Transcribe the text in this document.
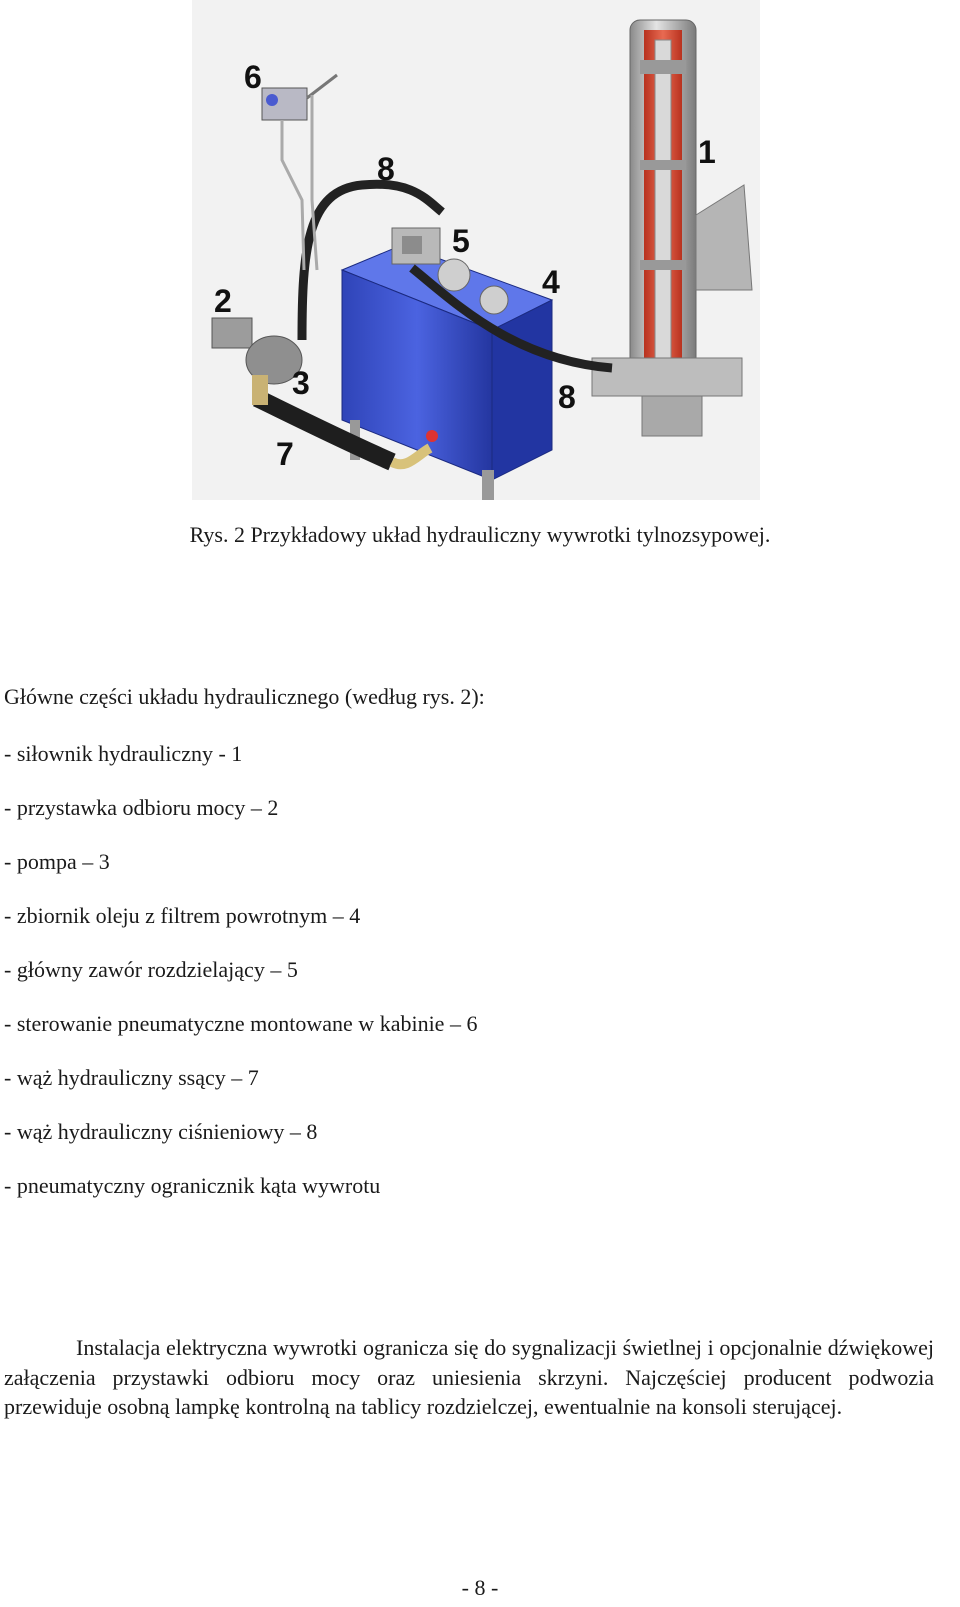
1
2
3
4
5
6
7
8
8
Rys. 2 Przykładowy układ hydrauliczny wywrotki tylnozsypowej.
Główne części układu hydraulicznego (według rys. 2):
- siłownik hydrauliczny - 1
- przystawka odbioru mocy – 2
- pompa – 3
- zbiornik oleju z filtrem powrotnym – 4
- główny zawór rozdzielający – 5
- sterowanie pneumatyczne montowane w kabinie – 6
- wąż hydrauliczny ssący – 7
- wąż hydrauliczny ciśnieniowy – 8
- pneumatyczny ogranicznik kąta wywrotu

Instalacja elektryczna wywrotki ogranicza się do sygnalizacji świetlnej i opcjonalnie dźwiękowej załączenia przystawki odbioru mocy oraz uniesienia skrzyni. Najczęściej producent podwozia przewiduje osobną lampkę kontrolną na tablicy rozdzielczej, ewentualnie na konsoli sterującej.

- 8 -
